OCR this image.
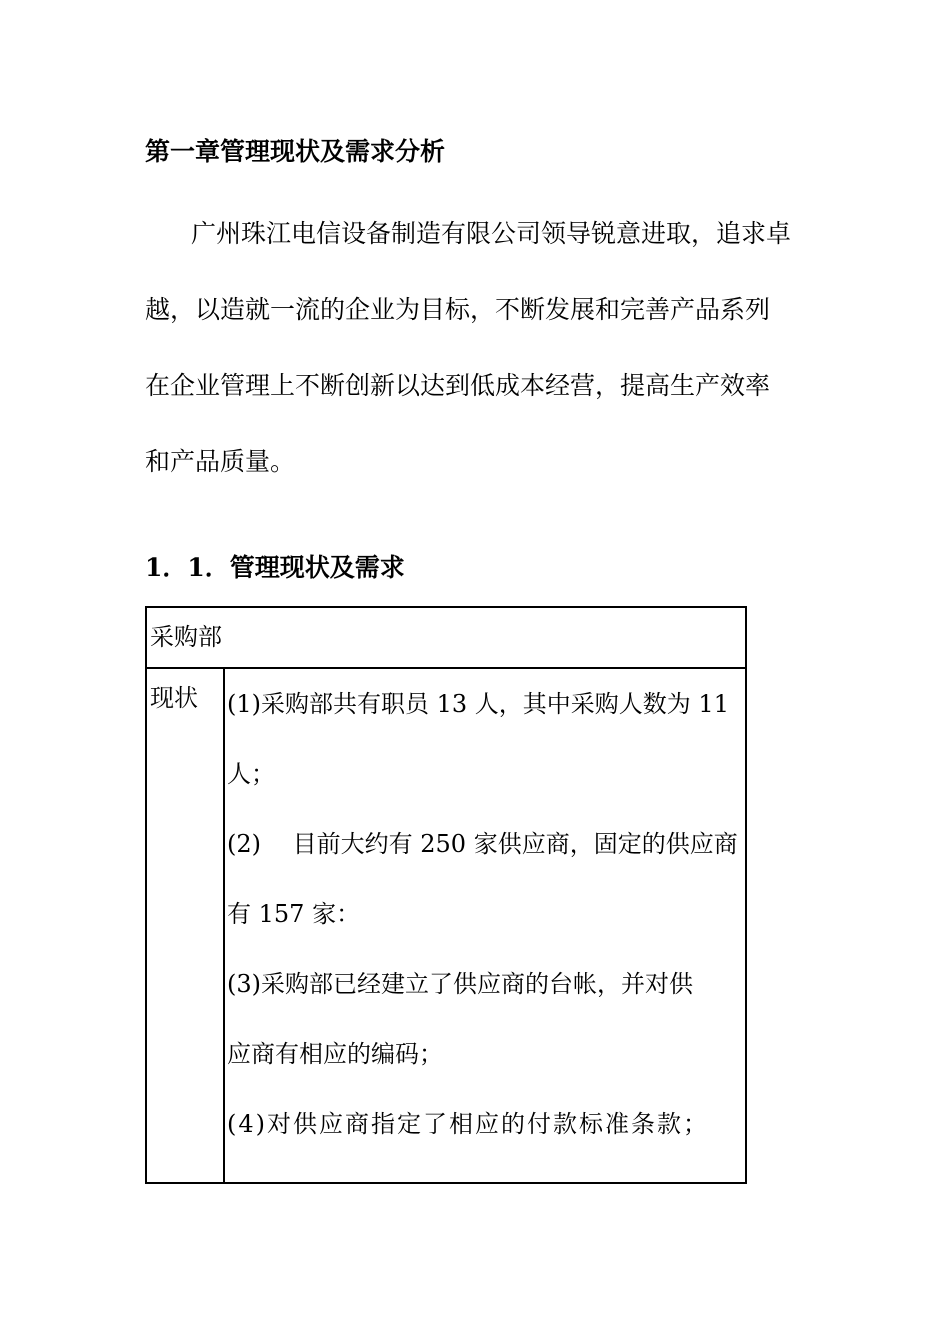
第一章管理现状及需求分析

广州珠江电信设备制造有限公司领导锐意进取，追求卓
越，以造就一流的企业为目标，不断发展和完善产品系列
在企业管理上不断创新以达到低成本经营，提高生产效率
和产品质量。

1．1．管理现状及需求
采购部
现状 (1)采购部共有职员 13 人，其中采购人数为 11
人；
(2)　 目前大约有 250 家供应商，固定的供应商
有 157 家：
(3)采购部已经建立了供应商的台帐，并对供
应商有相应的编码；
(4)对供应商指定了相应的付款标准条款；
